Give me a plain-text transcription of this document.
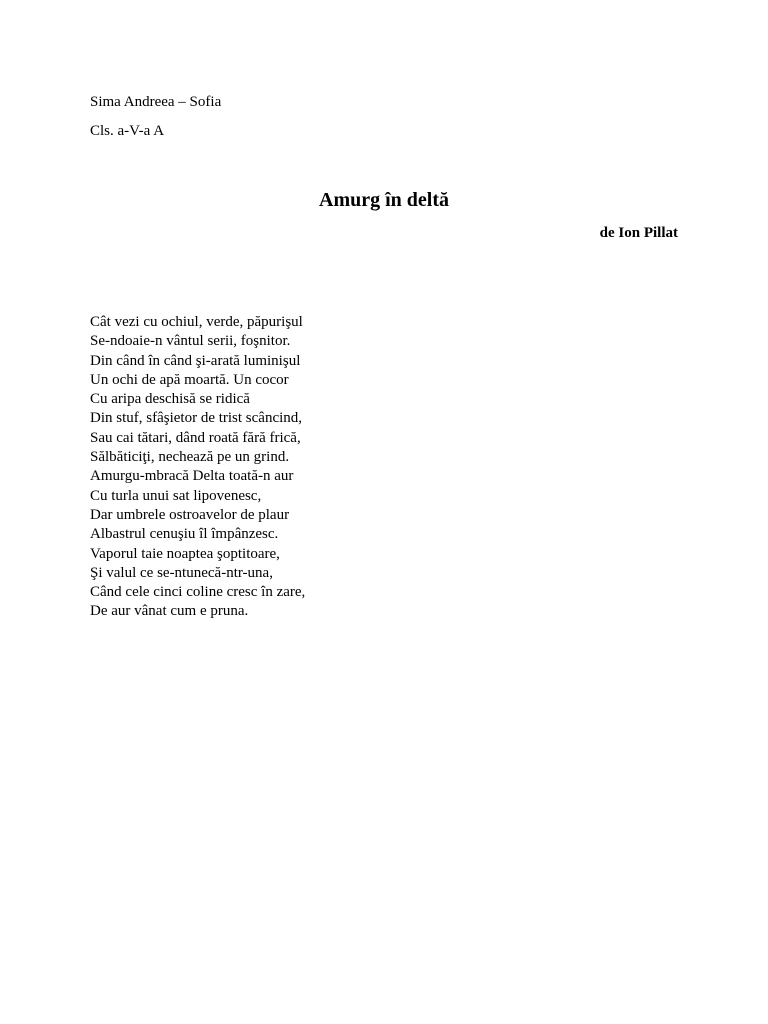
Sima Andreea – Sofia
Cls. a-V-a A
Amurg în deltă
de Ion Pillat
Cât vezi cu ochiul, verde, păpurişul
Se-ndoaie-n vântul serii, foşnitor.
Din când în când şi-arată luminişul
Un ochi de apă moartă. Un cocor
Cu aripa deschisă se ridică
Din stuf, sfâşietor de trist scâncind,
Sau cai tătari, dând roată fără frică,
Sălbăticiţi, nechează pe un grind.
Amurgu-mbracă Delta toată-n aur
Cu turla unui sat lipovenesc,
Dar umbrele ostroavelor de plaur
Albastrul cenuşiu îl împânzesc.
Vaporul taie noaptea şoptitoare,
Şi valul ce se-ntunecă-ntr-una,
Când cele cinci coline cresc în zare,
De aur vânat cum e pruna.
